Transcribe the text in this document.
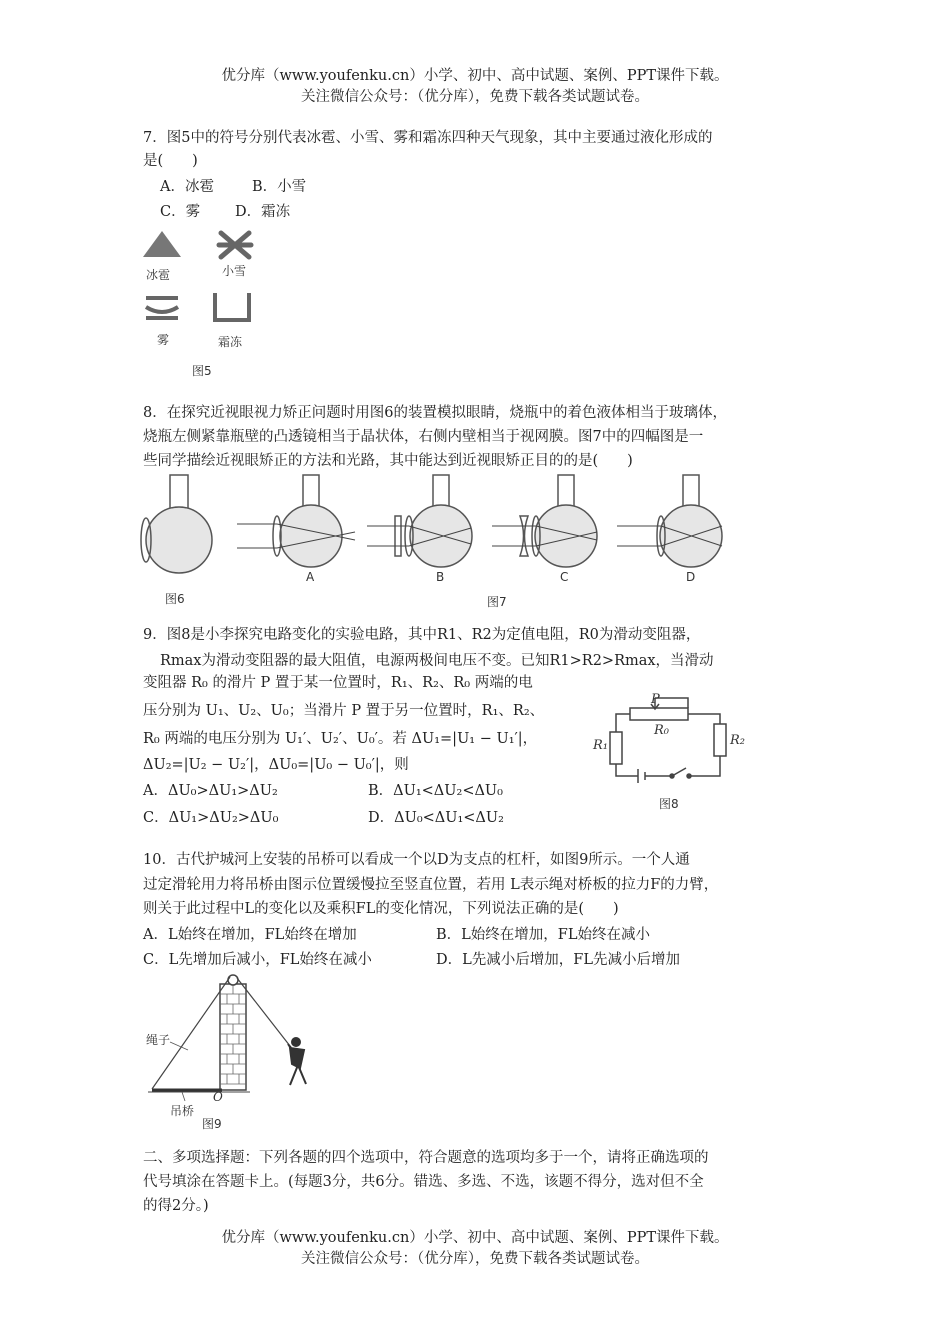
优分库（www.youfenku.cn）小学、初中、高中试题、案例、PPT课件下载。
关注微信公众号：（优分库），免费下载各类试题试卷。
7．图5中的符号分别代表冰雹、小雪、雾和霜冻四种天气现象，其中主要通过液化形成的
是(　　)
A．冰雹	B．小雪
C．雾 D．霜冻
冰雹	小雪
雾	霜冻
图5
8．在探究近视眼视力矫正问题时用图6的装置模拟眼睛，烧瓶中的着色液体相当于玻璃体，
烧瓶左侧紧靠瓶壁的凸透镜相当于晶状体，右侧内壁相当于视网膜。图7中的四幅图是一
些同学描绘近视眼矫正的方法和光路，其中能达到近视眼矫正目的的是(　　)
图6
A	B	C	D
图7
9．图8是小李探究电路变化的实验电路，其中R1、R2为定值电阻，R0为滑动变阻器，
Rmax为滑动变阻器的最大阻值，电源两极间电压不变。已知R1>R2>Rmax，当滑动
变阻器 R₀ 的滑片 P 置于某一位置时，R₁、R₂、R₀ 两端的电
压分别为 U₁、U₂、U₀；当滑片 P 置于另一位置时，R₁、R₂、
R₀ 两端的电压分别为 U₁′、U₂′、U₀′。若 ΔU₁=|U₁ − U₁′|，
ΔU₂=|U₂ − U₂′|，ΔU₀=|U₀ − U₀′|，则
A．ΔU₀>ΔU₁>ΔU₂	B．ΔU₁<ΔU₂<ΔU₀
C．ΔU₁>ΔU₂>ΔU₀	D．ΔU₀<ΔU₁<ΔU₂
P
R₀
R₁	R₂
图8
10．古代护城河上安装的吊桥可以看成一个以D为支点的杠杆，如图9所示。一个人通
过定滑轮用力将吊桥由图示位置缓慢拉至竖直位置，若用 L表示绳对桥板的拉力F的力臂，
则关于此过程中L的变化以及乘积FL的变化情况，下列说法正确的是(　　)
A．L始终在增加，FL始终在增加	B．L始终在增加，FL始终在减小
C．L先增加后减小，FL始终在减小	D．L先减小后增加，FL先减小后增加
绳子
O
吊桥
图9
二、多项选择题：下列各题的四个选项中，符合题意的选项均多于一个，请将正确选项的
代号填涂在答题卡上。(每题3分，共6分。错选、多选、不选，该题不得分，选对但不全
的得2分。)
优分库（www.youfenku.cn）小学、初中、高中试题、案例、PPT课件下载。
关注微信公众号：（优分库），免费下载各类试题试卷。
